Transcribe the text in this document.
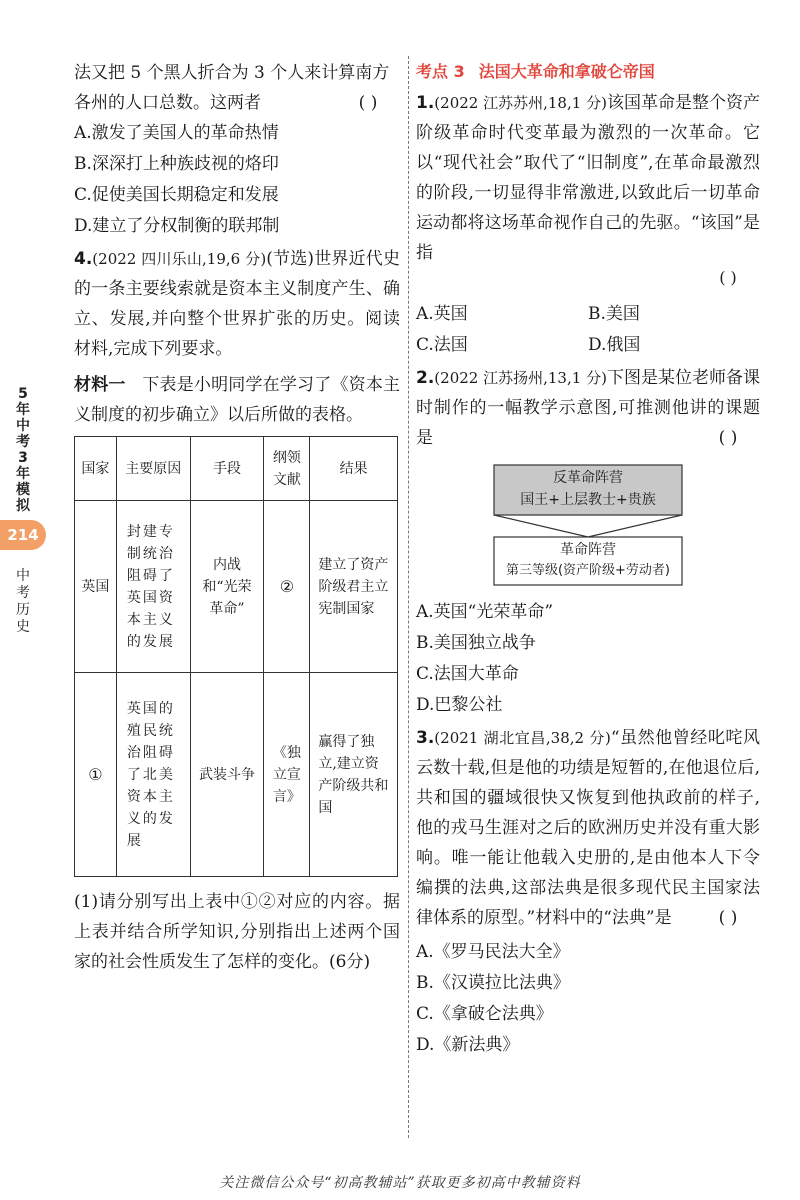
5
年
中
考
3
年
模
拟
214
中
考
历
史
法又把 5 个黑人折合为 3 个人来计算南方
各州的人口总数。这两者	( )
A.激发了美国人的革命热情
B.深深打上种族歧视的烙印
C.促使美国长期稳定和发展
D.建立了分权制衡的联邦制
4.(2022 四川乐山,19,6 分)(节选)世界近代史的一条主要线索就是资本主义制度产生、确立、发展,并向整个世界扩张的历史。阅读材料,完成下列要求。
材料一 下表是小明同学在学习了《资本主义制度的初步确立》以后所做的表格。
国家	主要原因	手段	纲领文献	结果
英国	封建专制统治阻碍了英国资本主义的发展	内战和“光荣革命”	②	建立了资产阶级君主立宪制国家
①	英国的殖民统治阻碍了北美资本主义的发展	武装斗争	《独立宣言》	赢得了独立,建立资产阶级共和国
(1)请分别写出上表中①②对应的内容。据上表并结合所学知识,分别指出上述两个国家的社会性质发生了怎样的变化。(6分)
考点 3 法国大革命和拿破仑帝国
1.(2022 江苏苏州,18,1 分)该国革命是整个资产阶级革命时代变革最为激烈的一次革命。它以“现代社会”取代了“旧制度”,在革命最激烈的阶段,一切显得非常激进,以致此后一切革命运动都将这场革命视作自己的先驱。“该国”是指
( )
A.英国	B.美国
C.法国	D.俄国
2.(2022 江苏扬州,13,1 分)下图是某位老师备课时制作的一幅教学示意图,可推测他讲的课题是	( )
反革命阵营
国王+上层教士+贵族
革命阵营
第三等级(资产阶级+劳动者)
A.英国“光荣革命”
B.美国独立战争
C.法国大革命
D.巴黎公社
3.(2021 湖北宜昌,38,2 分)“虽然他曾经叱咤风云数十载,但是他的功绩是短暂的,在他退位后,共和国的疆域很快又恢复到他执政前的样子,他的戎马生涯对之后的欧洲历史并没有重大影响。唯一能让他载入史册的,是由他本人下令编撰的法典,这部法典是很多现代民主国家法律体系的原型。”材料中的“法典”是	( )
A.《罗马民法大全》
B.《汉谟拉比法典》
C.《拿破仑法典》
D.《新法典》
关注微信公众号“初高教辅站”获取更多初高中教辅资料
